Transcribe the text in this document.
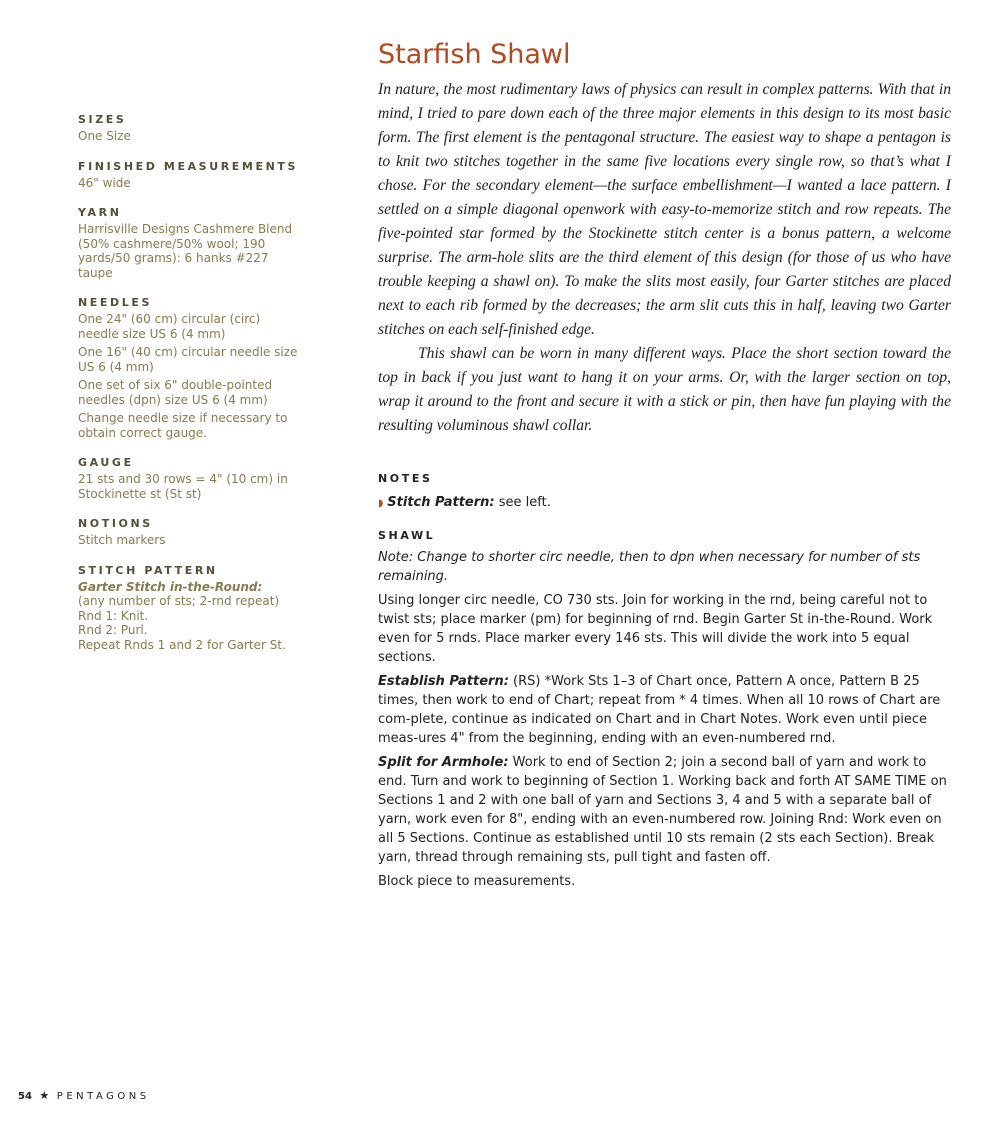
SIZES
One Size
FINISHED MEASUREMENTS
46" wide
YARN
Harrisville Designs Cashmere Blend
(50% cashmere/50% wool; 190
yards/50 grams): 6 hanks #227
taupe
NEEDLES
One 24" (60 cm) circular (circ)
needle size US 6 (4 mm)
One 16" (40 cm) circular needle size
US 6 (4 mm)
One set of six 6" double-pointed
needles (dpn) size US 6 (4 mm)
Change needle size if necessary to
obtain correct gauge.
GAUGE
21 sts and 30 rows = 4" (10 cm) in
Stockinette st (St st)
NOTIONS
Stitch markers
STITCH PATTERN
Garter Stitch in-the-Round:
(any number of sts; 2-rnd repeat)
Rnd 1: Knit.
Rnd 2: Purl.
Repeat Rnds 1 and 2 for Garter St.
Starfish Shawl

In nature, the most rudimentary laws of physics can result in complex patterns. With that in mind, I tried to pare down each of the three major elements in this design to its most basic form. The first element is the pentagonal structure. The easiest way to shape a pentagon is to knit two stitches together in the same five locations every single row, so that’s what I chose. For the secondary element—the surface embellishment—I wanted a lace pattern. I settled on a simple diagonal openwork with easy-to-memorize stitch and row repeats. The five-pointed star formed by the Stockinette stitch center is a bonus pattern, a welcome surprise. The arm-hole slits are the third element of this design (for those of us who have trouble keeping a shawl on). To make the slits most easily, four Garter stitches are placed next to each rib formed by the decreases; the arm slit cuts this in half, leaving two Garter stitches on each self-finished edge.

This shawl can be worn in many different ways. Place the short section toward the top in back if you just want to hang it on your arms. Or, with the larger section on top, wrap it around to the front and secure it with a stick or pin, then have fun playing with the resulting voluminous shawl collar.

NOTES
◗ Stitch Pattern: see left.
SHAWL

Note: Change to shorter circ needle, then to dpn when necessary for number of sts remaining.

Using longer circ needle, CO 730 sts. Join for working in the rnd, being careful not to twist sts; place marker (pm) for beginning of rnd. Begin Garter St in-the-Round. Work even for 5 rnds. Place marker every 146 sts. This will divide the work into 5 equal sections.

Establish Pattern: (RS) *Work Sts 1–3 of Chart once, Pattern A once, Pattern B 25 times, then work to end of Chart; repeat from * 4 times. When all 10 rows of Chart are com-plete, continue as indicated on Chart and in Chart Notes. Work even until piece meas-ures 4" from the beginning, ending with an even-numbered rnd.

Split for Armhole: Work to end of Section 2; join a second ball of yarn and work to end. Turn and work to beginning of Section 1. Working back and forth AT SAME TIME on Sections 1 and 2 with one ball of yarn and Sections 3, 4 and 5 with a separate ball of yarn, work even for 8", ending with an even-numbered row. Joining Rnd: Work even on all 5 Sections. Continue as established until 10 sts remain (2 sts each Section). Break yarn, thread through remaining sts, pull tight and fasten off.

Block piece to measurements.

54 ★ PENTAGONS
